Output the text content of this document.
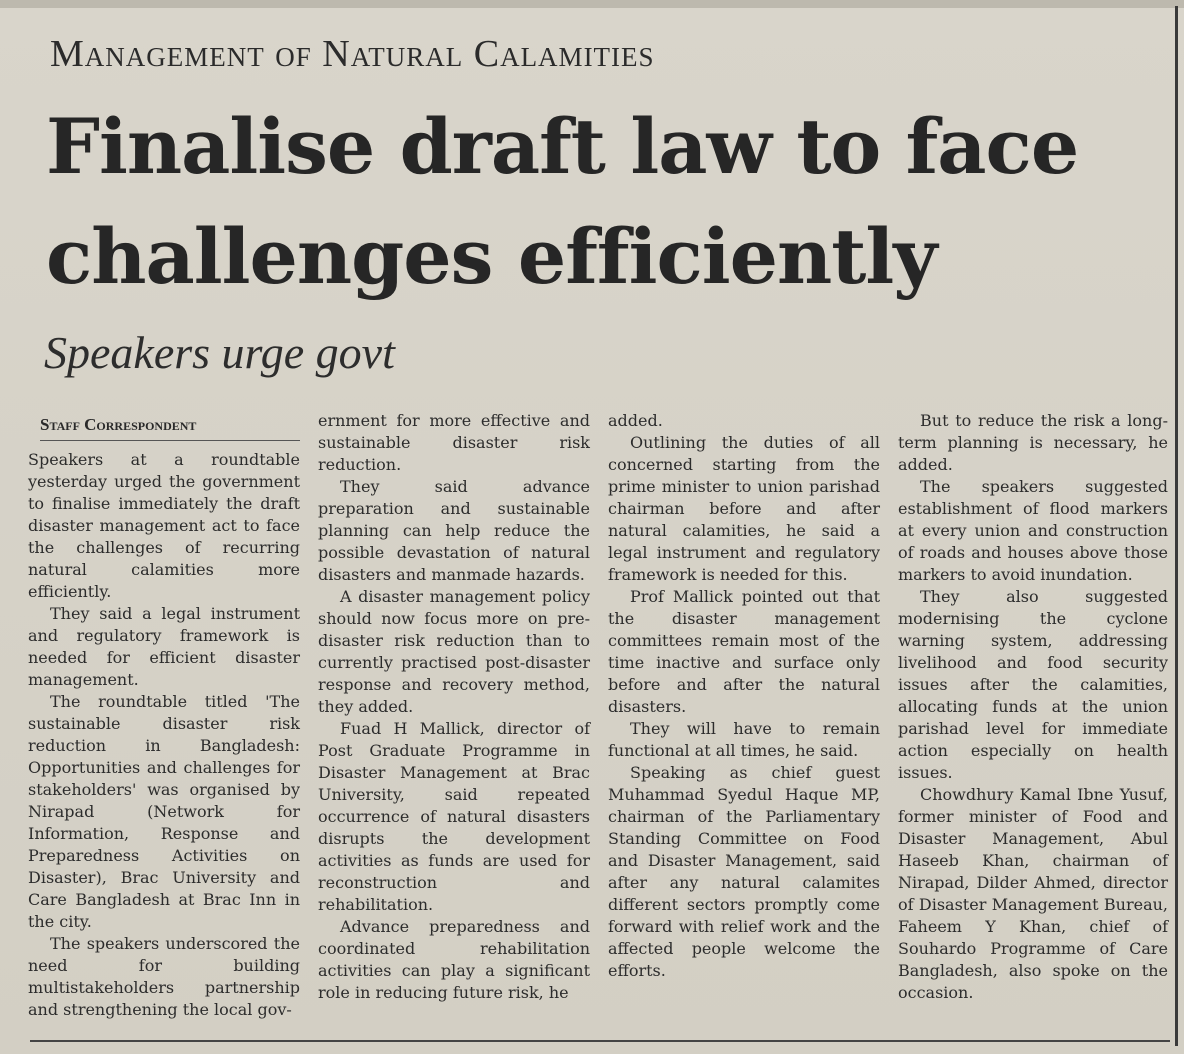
Management of Natural Calamities
Finalise draft law to face challenges efficiently
Speakers urge govt
Staff Correspondent

Speakers at a roundtable yesterday urged the government to finalise immediately the draft disaster management act to face the challenges of recurring natural calamities more efficiently.

They said a legal instrument and regulatory framework is needed for efficient disaster management.

The roundtable titled 'The sustainable disaster risk reduction in Bangladesh: Opportunities and challenges for stakeholders' was organised by Nirapad (Network for Information, Response and Preparedness Activities on Disaster), Brac University and Care Bangladesh at Brac Inn in the city.

The speakers underscored the need for building multistakeholders partnership and strengthening the local gov-

ernment for more effective and sustainable disaster risk reduction.

They said advance preparation and sustainable planning can help reduce the possible devastation of natural disasters and manmade hazards.

A disaster management policy should now focus more on pre-disaster risk reduction than to currently practised post-disaster response and recovery method, they added.

Fuad H Mallick, director of Post Graduate Programme in Disaster Management at Brac University, said repeated occurrence of natural disasters disrupts the development activities as funds are used for reconstruction and rehabilitation.

Advance preparedness and coordinated rehabilitation activities can play a significant role in reducing future risk, he

added.

Outlining the duties of all concerned starting from the prime minister to union parishad chairman before and after natural calamities, he said a legal instrument and regulatory framework is needed for this.

Prof Mallick pointed out that the disaster management committees remain most of the time inactive and surface only before and after the natural disasters.

They will have to remain functional at all times, he said.

Speaking as chief guest Muhammad Syedul Haque MP, chairman of the Parliamentary Standing Committee on Food and Disaster Management, said after any natural calamites different sectors promptly come forward with relief work and the affected people welcome the efforts.

But to reduce the risk a long-term planning is necessary, he added.

The speakers suggested establishment of flood markers at every union and construction of roads and houses above those markers to avoid inundation.

They also suggested modernising the cyclone warning system, addressing livelihood and food security issues after the calamities, allocating funds at the union parishad level for immediate action especially on health issues.

Chowdhury Kamal Ibne Yusuf, former minister of Food and Disaster Management, Abul Haseeb Khan, chairman of Nirapad, Dilder Ahmed, director of Disaster Management Bureau, Faheem Y Khan, chief of Souhardo Programme of Care Bangladesh, also spoke on the occasion.
